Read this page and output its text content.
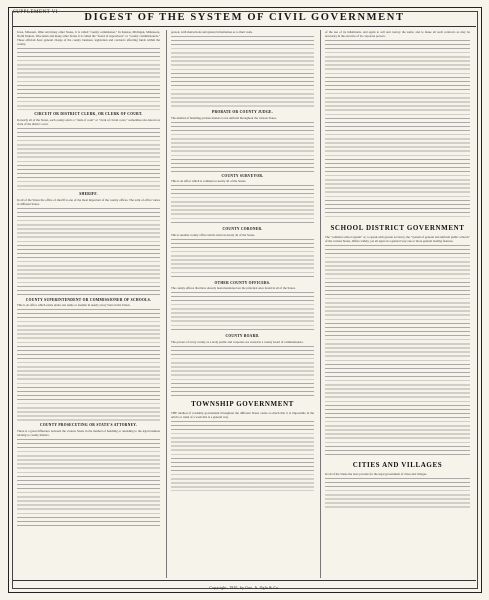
SUPPLEMENT VI	DIGEST OF THE SYSTEM OF CIVIL GOVERNMENT

Iowa, Missouri, Ohio and many other States, it is called "county commission." In Kansas, Michigan, Minnesota, North Dakota, Wisconsin and many other States it is called the "board of supervisors" or "county commissioners." These officials have general charge of the county business, legislation and contracts affecting funds within the county.

CIRCUIT OR DISTRICT CLERK, OR CLERK OF COURT.

In nearly all of the States, each county elects a "clerk of court" or "clerk of circuit court," sometimes also known as clerk of the district court.

SHERIFF.

In all of the States the office of sheriff is one of the most important of the county offices. The term of office varies in different States.

COUNTY SUPERINTENDENT OR COMMISSIONER OF SCHOOLS.

This is an office which exists under one name or another in nearly every State in the Union.

COUNTY PROSECUTING OR STATE'S ATTORNEY.

There is a great difference between the various States in the method of handling or attending to the legal business relating to county matters.

person, with instructions and general information as to their work.

PROBATE OR COUNTY JUDGE.

The method of handling probate matters is not uniform throughout the various States.

COUNTY SURVEYOR.

This is an office which is common to nearly all of the States.

COUNTY CORONER.

This is another county office which exists in nearly all of the States.

OTHER COUNTY OFFICERS.

The county offices that have already been mentioned are the principal ones found in all of the States.

COUNTY BOARD.

The powers of every county as a body politic and corporate are vested in a county board of commissioners.

TOWNSHIP GOVERNMENT

THE method of township government throughout the different States varies so much that it is impossible in the article or trend of a work that is a general way.

of the use of its inhabitants, and again to sell and convey the same; and to make all such contracts as may be necessary in the exercise of its corporate powers.

SCHOOL DISTRICT GOVERNMENT

The "common school system" or, to speak with greater accuracy, the "system of general and uniform public schools" of the various States, differs widely, yet all agree in a general way one or more general leading features.

CITIES AND VILLAGES

In all of the States the laws provide for the legal government of cities and villages.

Copyright, 1910, by Geo. A. Ogle & Co.
